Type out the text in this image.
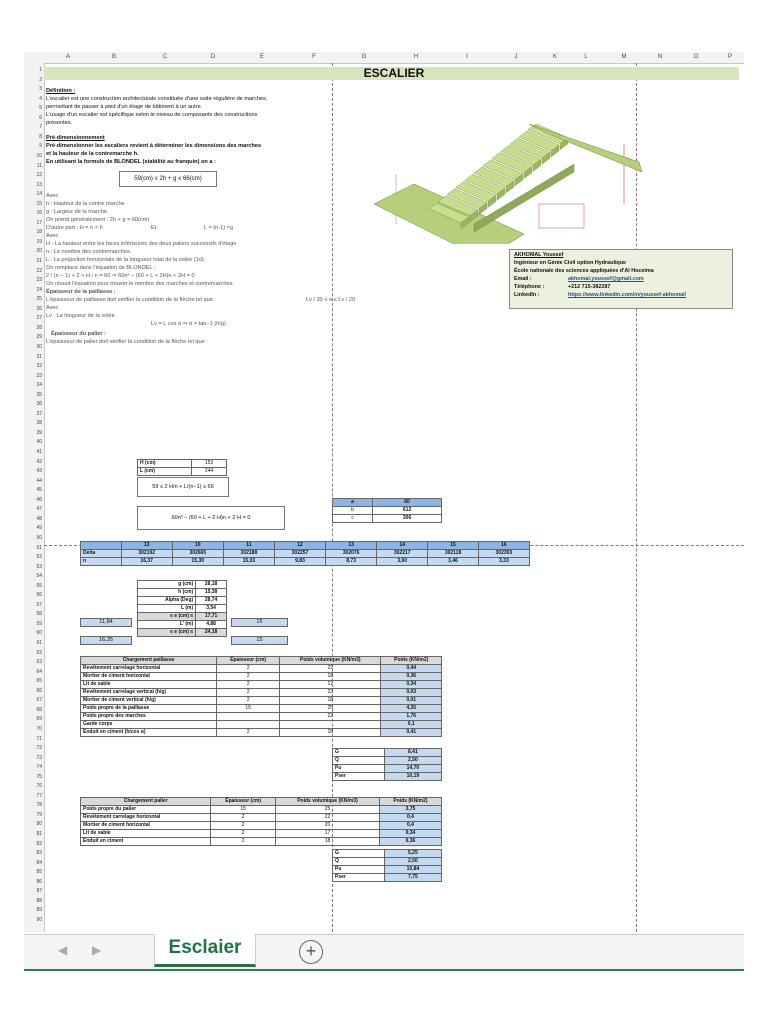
A	B	C	D	E	F	G	H	I	J	K	L	M	N	O	P
1
2
3
4
5
6
7
8
9
10
11
12
13
14
15
16
17
18
19
20
21
22
23
24
25
26
27
28
29
30
31
32
33
34
35
36
37
38
39
40
41
42
43
44
45
46
47
48
49
50
51
52
53
54
55
56
57
58
59
60
61
62
63
64
65
66
67
68
69
70
71
72
73
74
75
76
77
78
79
80
81
82
83
84
85
86
87
88
89
90
ESCALIER
Définition :
L'escalier est une construction architecturale constituée d'une suite régulière de marches,
permettant de passer à pied d'un étage de bâtiment à un autre.
L'usage d'un escalier est spécifique selon le niveau de composants des constructions
présentes.
Pré-dimensionnement
Pré-dimensionner les escaliers revient à déterminer les dimensions des marches
et la hauteur de la contremarche h.
En utilisant la formule de BLONDEL (stabilité au franquin) on a :
59(cm) ≤ 2h + g ≤ 66(cm)
Avec
h : Hauteur de la contre marche
g : Largeur de la marche.
On prend généralement : 2h + g = 60(cm)
D'autre part : H = n × h	Et	L = (n-1) ×g
Avec
H : La hauteur entre les faces inférieures des deux paliers successifs d'étage
n : Le nombre des contremarches.
L : La projection horizontale de la longueur total de la volée (1d).
On remplace dans l'équation de BLONDEL :
2 / (n − 1) + 2 × H / n = 60 ⇒ 60n² − (60 + L + 2H)n + 2H = 0
On résout l'équation pour trouver le nombre des marches et contremarches.
Épaisseur de la paillasse :
L'épaisseur de paillasse doit vérifier la condition de la flèche tel que :	Lv / 30 ≤ e ≤ Lv / 20
Avec
Lv : La longueur de la volée
Lv = L cos α ⇒ α = tan−1 (h/g)
Épaisseur du palier :
L'épaisseur de palier doit vérifier la condition de la flèche tel que :
AKHOMAL Youssef
Ingénieur en Génie Civil option Hydraulique
École nationale des sciences appliquées d'Al Hoceima
Email :	akhomal.youssef@gmail.com
Téléphone :	+212 715-382287
LinkedIn :	https://www.linkedin.com/in/youssef-akhomal/
H (cm)	153
L (cm)	244
59 ≤ 2 H/n + L/(n−1) ≤ 66
60n² − (60 + L + 2·H)n + 2·H = 0
a	60
b	612
c	306
	13	10	11	12	13	14	15	16
Delta	302192	302665	302188	302257	302076	302217	302118	302303
n	16,37	15,30	15,03	9,83	8,73	3,60	3,46	3,33
g (cm)	28,18
h (cm)	15,38
Alpha (Deg)	28,74
L (m)	3,54
≤ e (cm) ≤	17,71
L' (m)	4,88
≤ e (cm) ≤	24,18
11,84
16,35
15
15
Chargement paillasse	Épaisseur (cm)	Poids volumique (KN/m3)	Poids (KN/m2)
Revêtement carrelage horizontal	2	22	0,44
Mortier de ciment horizontal	2	18	0,36
Lit de sable	2	17	0,34
Revêtement carrelage vertical (h/g)	2	22	0,03
Mortier de ciment vertical (h/g)	2	18	0,01
Poids propre de la paillasse	15	25	4,35
Poids propre des marches		22	1,76
Garde corps			0,1
Enduit en ciment (h/cos α)	2	18	0,41
G	8,41
Q	2,50
Pu	14,70
Pser	10,19
Chargement palier	Épaisseur (cm)	Poids volumique (KN/m3)	Poids (KN/m2)
Poids propre du palier	15	25	3,75
Revêtement carrelage horizontal	2	22	0,4
Mortier de ciment horizontal	2	20	0,4
Lit de sable	2	17	0,34
Enduit en ciment	2	18	0,36
G	5,25
Q	2,50
Pu	10,84
Pser	7,75
◀ ▶	Esclaier	+
